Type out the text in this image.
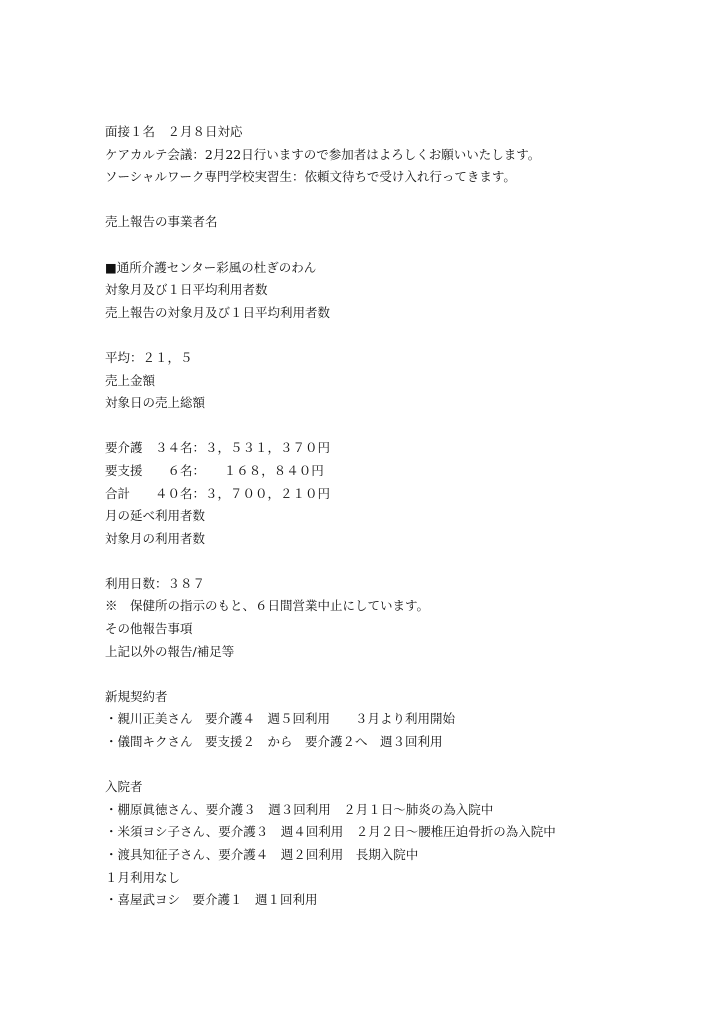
面接１名　２月８日対応
ケアカルテ会議：2月22日行いますので参加者はよろしくお願いいたします。
ソーシャルワーク専門学校実習生：依頼文待ちで受け入れ行ってきます。
売上報告の事業者名
■通所介護センター彩風の杜ぎのわん
対象月及び１日平均利用者数
売上報告の対象月及び１日平均利用者数
平均：２１，５
売上金額
対象日の売上総額
要介護　３４名：３，５３１，３７０円
要支援　　６名：　　１６８，８４０円
合計　　４０名：３，７００，２１０円
月の延べ利用者数
対象月の利用者数
利用日数：３８７
※　保健所の指示のもと、６日間営業中止にしています。
その他報告事項
上記以外の報告/補足等
新規契約者
・親川正美さん　要介護４　週５回利用　　３月より利用開始
・儀間キクさん　要支援２　から　要介護２へ　週３回利用
入院者
・棚原眞徳さん、要介護３　週３回利用　２月１日～肺炎の為入院中
・米須ヨシ子さん、要介護３　週４回利用　２月２日～腰椎圧迫骨折の為入院中
・渡具知征子さん、要介護４　週２回利用　長期入院中
１月利用なし
・喜屋武ヨシ　要介護１　週１回利用
